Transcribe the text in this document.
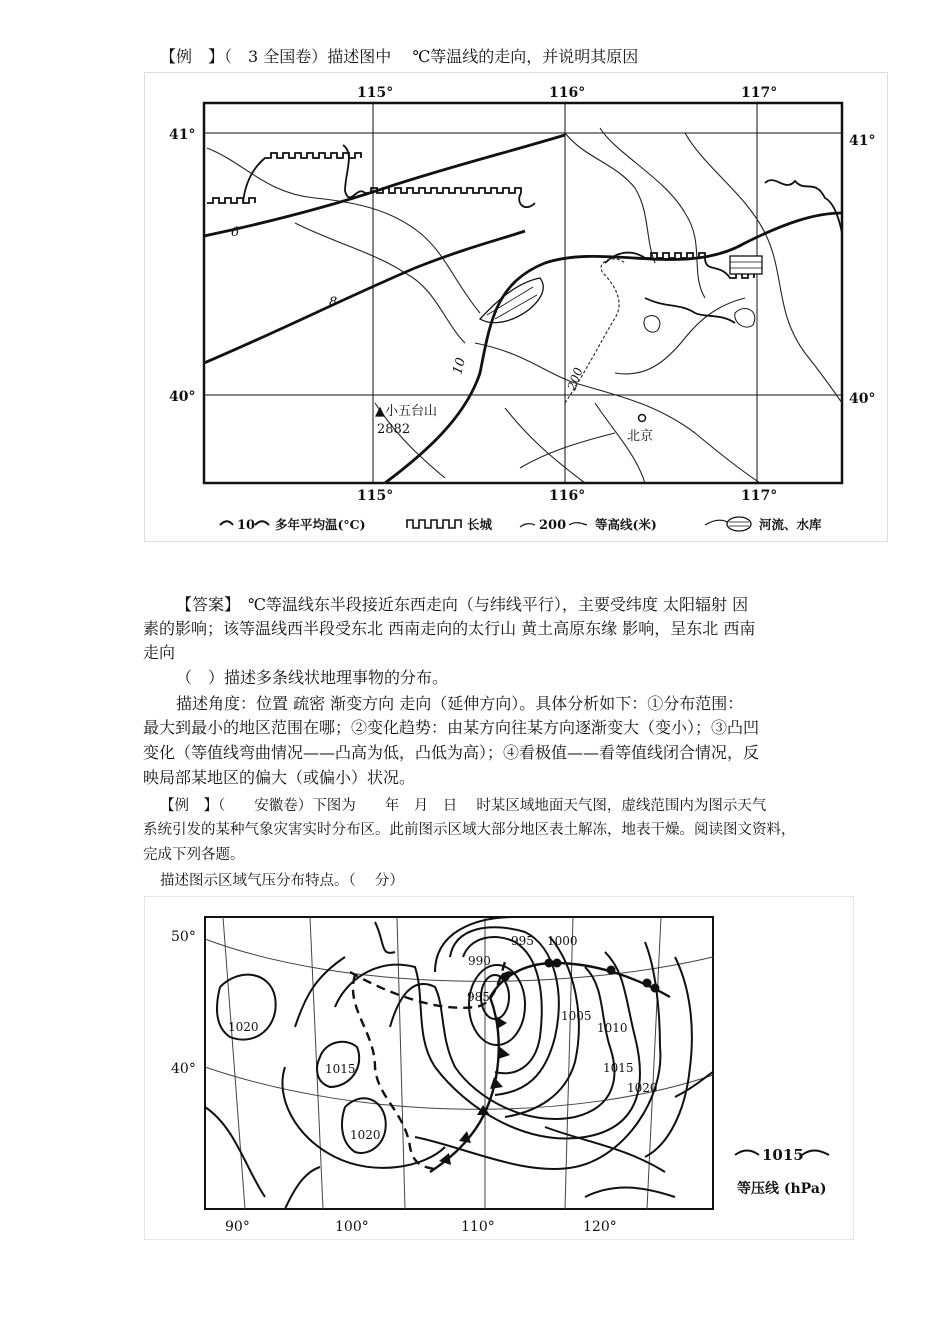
【例　】（　3 全国卷）描述图中　 ℃等温线的走向，并说明其原因
6
8
10	200
115°	116°	117°
115°	116°	117°
41°
40°
41°
40°
▲小五台山
2882	北京
10 多年平均温(°C)	长城	200 等高线(米)	河流、水库
【答案】　℃等温线东半段接近东西走向（与纬线平行），主要受纬度 太阳辐射 因
素的影响；该等温线西半段受东北 西南走向的太行山 黄土高原东缘 影响，呈东北 西南
走向
（　）描述多条线状地理事物的分布。
描述角度：位置 疏密 渐变方向 走向（延伸方向）。具体分析如下：①分布范围：
最大到最小的地区范围在哪；②变化趋势：由某方向往某方向逐渐变大（变小）；③凸凹
变化（等值线弯曲情况——凸高为低，凸低为高）；④看极值——看等值线闭合情况，反
映局部某地区的偏大（或偏小）状况。
【例　】（　　安徽卷）下图为　　年　月　日　 时某区域地面天气图，虚线范围内为图示天气
系统引发的某种气象灾害实时分布区。此前图示区域大部分地区表土解冻，地表干燥。阅读图文资料，
完成下列各题。
描述图示区域气压分布特点。（　 分）
990
995 1000
985
1005
1010
1015
1020
1020
1015
1020
50°
40°
90°	100°	110°	120°
1015
等压线 (hPa)
